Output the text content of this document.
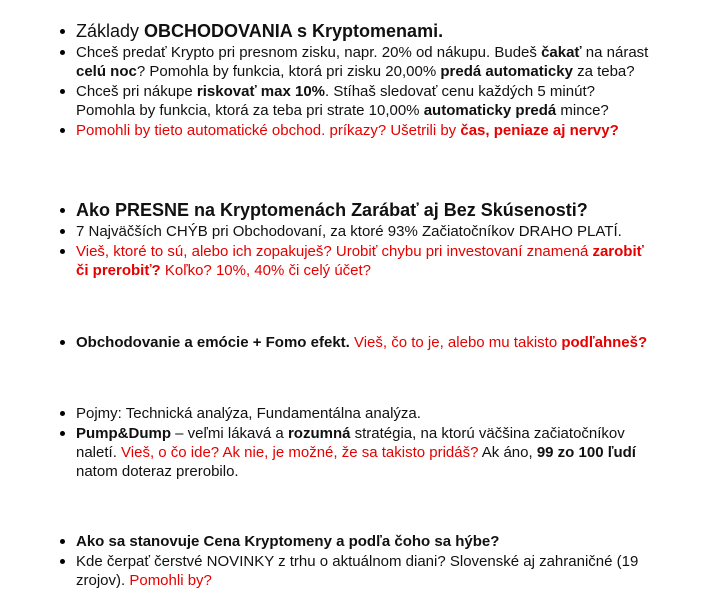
Základy OBCHODOVANIA s Kryptomenami.
Chceš predať Krypto pri presnom zisku, napr. 20% od nákupu. Budeš čakať na nárast celú noc? Pomohla by funkcia, ktorá pri zisku 20,00% predá automaticky za teba?
Chceš pri nákupe riskovať max 10%. Stíhaš sledovať cenu každých 5 minút? Pomohla by funkcia, ktorá za teba pri strate 10,00% automaticky predá mince?
Pomohli by tieto automatické obchod. príkazy? Ušetrili by čas, peniaze aj nervy?
Ako PRESNE na Kryptomenách Zarábať aj Bez Skúsenosti?
7 Najväčších CHÝB pri Obchodovaní, za ktoré 93% Začiatočníkov DRAHO PLATÍ.
Vieš, ktoré to sú, alebo ich zopakuješ? Urobiť chybu pri investovaní znamená zarobiť či prerobiť? Koľko? 10%, 40% či celý účet?
Obchodovanie a emócie + Fomo efekt. Vieš, čo to je, alebo mu takisto podľahneš?
Pojmy: Technická analýza, Fundamentálna analýza.
Pump&Dump – veľmi lákavá a rozumná stratégia, na ktorú väčšina začiatočníkov naletí. Vieš, o čo ide? Ak nie, je možné, že sa takisto pridáš? Ak áno, 99 zo 100 ľudí natom doteraz prerobilo.
Ako sa stanovuje Cena Kryptomeny a podľa čoho sa hýbe?
Kde čerpať čerstvé NOVINKY z trhu o aktuálnom diani? Slovenské aj zahraničné (19 zrojov). Pomohli by?
